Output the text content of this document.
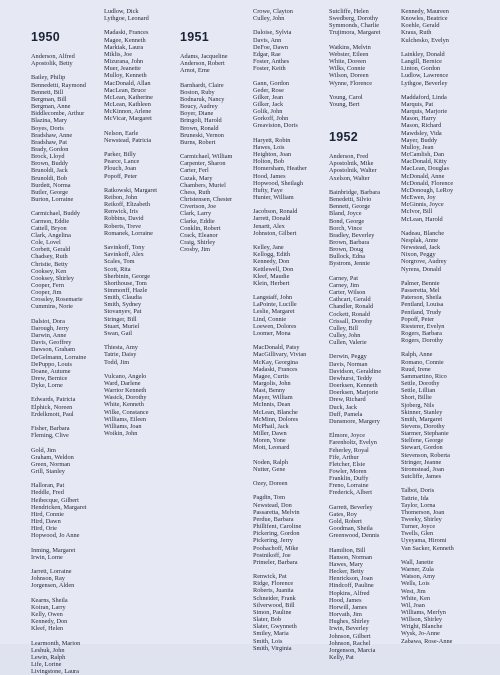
1950
Anderson, Alfred
Apostolik, Betty
Bailey, Philip
Bennedetti, Raymond
Bennett, Bill
Bergman, Bill
Bergman, Anne
Biddlecombe, Arthur
Blazina, Mary
Boyes, Doris
Bradshaw, Anne
Bradshaw, Pat
Brady, Gordon
Brock, Lloyd
Brown, Buddy
Brunoldi, Jack
Brunoldi, Bob
Burdett, Norma
Butler, George
Burton, Lorraine
Carmichael, Buddy
Carmon, Eddie
Cattell, Bryon
Clark, Angelina
Cole, Lovel
Corbett, Gerald
Chadsey, Ruth
Christie, Betty
Cooksey, Ken
Cooksey, Shirley
Cooper, Fern
Cooper, Jim
Crossley, Rosemarie
Cummins, Norie
Dalsiot, Dora
Darough, Jerry
Darwin, Anne
Davis, Geoffrey
Dawson, Graham
DeGelmann, Lorraine
DePuppo, Louis
Doane, Autume
Drew, Bernice
Dyke, Lorne
Edwards, Patricia
Elphick, Noreen
Erdelkmott, Paul
Fisher, Barbara
Fleming, Clive
Gold, Jim
Graham, Weldon
Green, Norman
Grill, Stanley
Halloran, Pat
Heddle, Fred
Heibecque, Gilbert
Hendricken, Margaret
Hird, Connie
Hird, Dawn
Hird, Orie
Hopwood, Jo Anne
Inming, Margaret
Irwin, Lorne
Jarrett, Lorraine
Johnson, Ray
Jorgensen, Alden
Kearns, Sheila
Koiran, Larry
Kelly, Owen
Kennedy, Don
Kleef, Helen
Learmonth, Marion
Leshuk, John
Lewin, Ralph
Life, Lorine
Livingstone, Laura
Ludlow, Dick
Lythgoe, Leonard
Madaski, Frances
Magee, Kenneth
Markiak, Laura
Miklis, Joe
Mizurana, John
Muer, Jeanette
Mulloy, Kenneth
MacDonald, Allan
MacLean, Bruce
McLean, Katherine
McLean, Kathleen
McKinnon, Arlene
McVicar, Margaret
Nelson, Earle
Newstead, Patricia
Parker, Billy
Pearce, Lance
Plouch, Joan
Popoff, Peter
Ratkowski, Margaret
Reibon, John
Reikoff, Elizabeth
Renwick, Iris
Robbins, David
Roberts, Treve
Romanek, Lorraine
Savinkoff, Tony
Savinkoff, Alex
Scales, Tom
Scott, Rita
Sherbinin, George
Shorthouse, Tom
Simmonff, Hazle
Smith, Claudia
Smith, Sydney
Stovanyev, Pat
Stringer, Bill
Stuart, Muriel
Swan, Gail
Thiesta, Amy
Tatrie, Daisy
Todd, Jim
Vulcano, Angelo
Ward, Darlene
Warrior Kenneth
Wasick, Dorothy
White, Kenneth
Wilke, Constance
Williams, Eileen
Williams, Joan
Woikin, John
1951
Adams, Jacqueline
Anderson, Robert
Arnot, Erne
Barnhardt, Claire
Boston, Ruby
Bodnaruk, Nancy
Boucy, Audrey
Boyer, Diane
Bringoli, Harold
Brown, Ronald
Bruneski, Vernon
Burns, Robert
Carmichael, William
Carpenter, Sharon
Carter, Ferl
Cazak, Mary
Chambers, Muriel
Chess, Ruth
Christensen, Chester
Civertson, Joe
Clark, Larry
Clarke, Eddie
Conklin, Robert
Crack, Eleanor
Craig, Shirley
Crosby, Jim
Crowe, Clayton
Culley, John
Daloise, Sylvia
Davis, Ann
DeFoe, Dawn
Edgar, Rae
Foster, Anthes
Foster, Keith
Gann, Gordon
Geder, Rose
Gilker, Jean
Gilker, Jack
Golik, John
Gorkoff, John
Greaviston, Doris
Haryett, Robin
Hawes, Lois
Heighton, Joan
Holton, Bob
Homersham, Heather
Hood, James
Hopwood, Sheilagh
Hufty, Faye
Hunter, William
Jacobson, Ronald
Jarrett, Donald
Jenartt, Alex
Johnston, Gilbert
Kelley, Jane
Kellogg, Edith
Kennedy, Don
Kettlewell, Don
Kleef, Maudie
Klein, Herbert
Langstaff, John
LaPointe, Lucille
Leslie, Margaret
Lind, Connie
Loewen, Dolores
Loomer, Mona
MacDonald, Patsy
MacGillivary, Vivian
McKay, Georgina
Madaski, Frances
Magee, Curtis
Margolis, John
Mast, Benny
Mayer, William
McInnis, Dean
McLean, Blanche
McMinn, Dolores
McPhail, Jack
Miller, Dawn
Moren, Yone
Mott, Leonard
Noden, Ralph
Nutter, Gene
Ozey, Doreen
Pagdin, Tom
Newstead, Don
Passaretta, Melvin
Perdue, Barbara
Phillifent, Caroline
Pickering, Gordon
Pickering, Jerry
Poohachoff, Mike
Postnikoff, Joe
Primeler, Barbara
Renwick, Pat
Ridge, Florence
Roberts, Juanita
Schneider, Frank
Silverwood, Bill
Simon, Pauline
Slater, Bob
Slater, Gwynneth
Smiley, Maria
Smith, Lois
Smith, Virginia
Sutcliffe, Helen
Swedberg, Dorothy
Symmonds, Charlie
Trujimora, Margaret
Watkins, Melvin
Webster, Eileen
White, Doreen
Wilks, Connie
Wilson, Doreen
Wynne, Florence
Young, Carol
Young, Bert
1952
Anderson, Fred
Apostolnik, Mike
Apostolnik, Walter
Axelson, Walter
Bainbridge, Barbara
Benedetti, Silvio
Bennett, George
Bland, Joyce
Bond, George
Borch, Vince
Bradley, Beverley
Brown, Barbara
Brown, Doug
Bullock, Edna
Bystrom, Jennie
Carney, Pat
Carney, Jim
Carter, Wilson
Cathcart, Gerald
Chandler, Ronald
Cockett, Ronald
Crissall, Dorothy
Culley, Bill
Culley, John
Cullen, Valerie
Derwin, Peggy
Davis, Norman
Davidson, Geraldine
Dewhurst, Teddy
Doerksen, Kenneth
Doerksen, Marjorie
Drew, Richard
Duck, Jack
Duff, Pamela
Dunsmore, Margery
Elmore, Joyce
Farenholtz, Evelyn
Feherley, Royal
Fife, Arthur
Fletcher, Elsie
Fowler, Moren
Franklin, Duffy
Freno, Lorraine
Frederick, Albert
Garrett, Beverley
Gates, Roy
Gold, Robert
Goodman, Sheila
Greenwood, Dennis
Hamilton, Bill
Hanson, Norman
Hawes, Mary
Hecker, Betty
Henrickson, Joan
Hindcoff, Pauline
Hopkins, Alfred
Hood, James
Horwill, James
Horvath, Jim
Hughes, Shirley
Irwin, Beverley
Johnson, Gilbert
Johnson, Rachel
Jorgenson, Marcia
Kelly, Pat
Kennedy, Maureen
Knowles, Beatrice
Koehle, Gerald
Kraus, Ruth
Kulchesko, Evelyn
Lainkley, Donald
Langill, Bernice
Linton, Gordon
Ludlow, Lawrence
Lythgoe, Beverley
Maddaford, Linda
Marquis, Pat
Marquis, Marjorie
Mason, Harry
Mason, Richard
Mawdsley, Vida
Mayer, Buddy
Mulloy, Jean
McCamlish, Dan
MacDonald, Kitty
MacLean, Douglas
McDonald, Anne
McDonald, Florence
McDonough, LeRoy
McEwen, Joy
McGinnis, Joyce
McIvor, Bill
McLean, Harold
Nadeau, Blanche
Nesplak, Anne
Newstead, Jack
Nixon, Peggy
Norgrove, Audrey
Nyrens, Donald
Palmer, Bennie
Passeretta, Mel
Paterson, Sheila
Pentland, Louisa
Pentland, Trudy
Popoff, Peter
Riesterer, Evelyn
Rogers, Barbara
Rogers, Dorothy
Ralph, Anne
Romano, Connie
Ruud, Irene
Sammartino, Rico
Settle, Dorothy
Settle, Lillian
Short, Billie
Sjoberg, Nils
Skinner, Stanley
Smith, Margaret
Stevens, Dorothy
Starmer, Stephanie
Stelfene, George
Stewart, Gordon
Stevenson, Roberta
Stringer, Jeanne
Stromstead, Joan
Sutcliffe, James
Talbot, Doris
Tattrie, Ida
Taylor, Lorna
Thomerson, Joan
Tweeky, Shirley
Turner, Joyce
Twells, Glen
Uyeyama, Hiromi
Van Sacker, Kenneth
Wall, Janette
Warner, Zula
Watson, Amy
Wells, Lois
West, Jim
White, Ken
Wil, Joan
Williams, Merfyn
Willson, Shirley
Wright, Blanche
Wysk, Jo-Anne
Zabawa, Rose-Anne
